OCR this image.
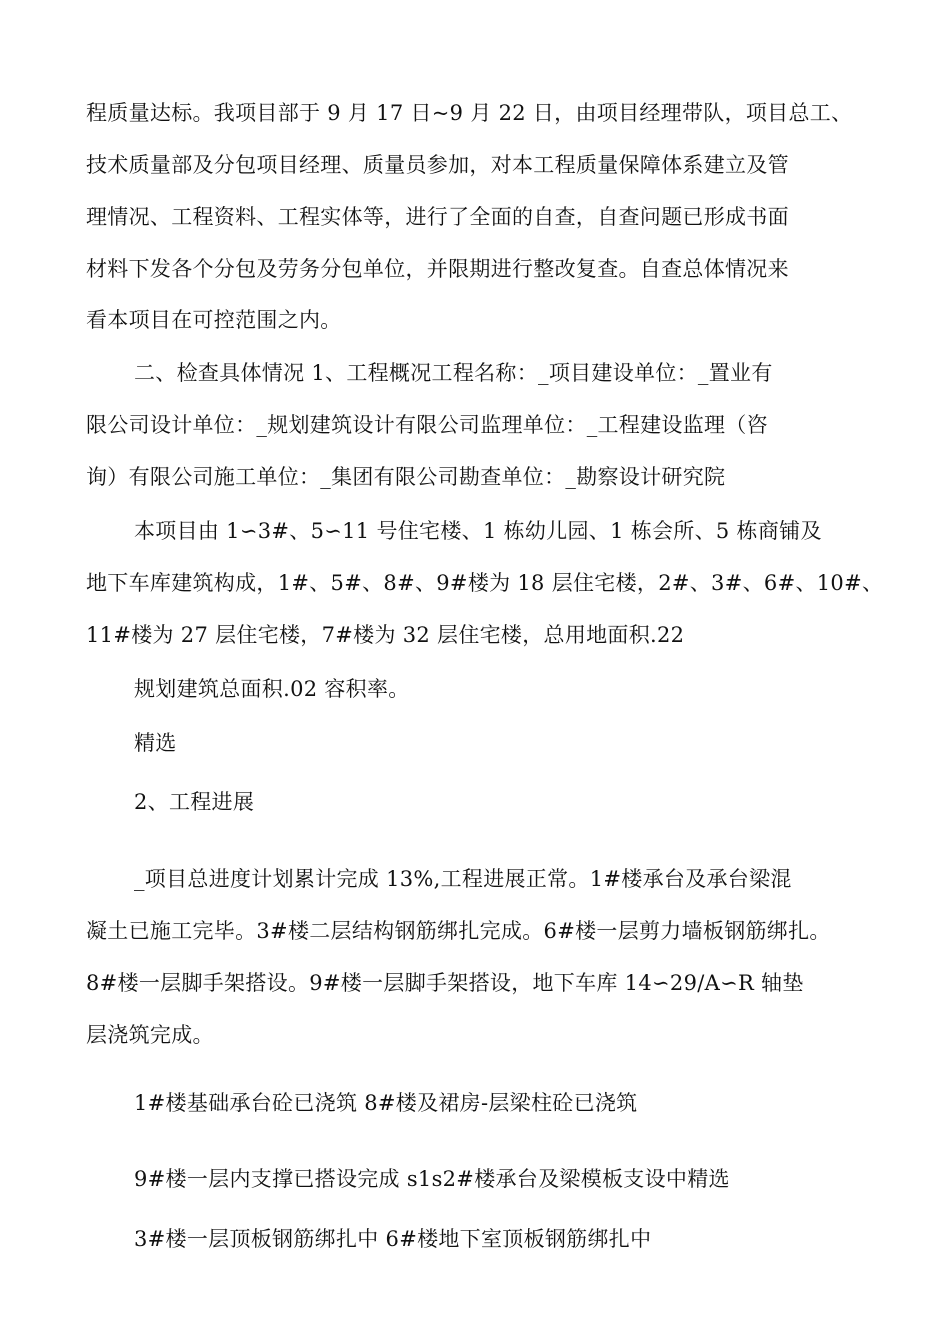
程质量达标。我项目部于 9 月 17 日~9 月 22 日，由项目经理带队，项目总工、
技术质量部及分包项目经理、质量员参加，对本工程质量保障体系建立及管
理情况、工程资料、工程实体等，进行了全面的自查，自查问题已形成书面
材料下发各个分包及劳务分包单位，并限期进行整改复查。自查总体情况来
看本项目在可控范围之内。
二、检查具体情况 1、工程概况工程名称：_项目建设单位：_置业有
限公司设计单位：_规划建筑设计有限公司监理单位：_工程建设监理（咨
询）有限公司施工单位：_集团有限公司勘查单位：_勘察设计研究院
本项目由 1∽3#、5∽11 号住宅楼、1 栋幼儿园、1 栋会所、5 栋商铺及
地下车库建筑构成，1#、5#、8#、9#楼为 18 层住宅楼，2#、3#、6#、10#、
11#楼为 27 层住宅楼，7#楼为 32 层住宅楼，总用地面积.22
规划建筑总面积.02 容积率。
精选
2、工程进展
_项目总进度计划累计完成 13%,工程进展正常。1#楼承台及承台梁混
凝土已施工完毕。3#楼二层结构钢筋绑扎完成。6#楼一层剪力墙板钢筋绑扎。
8#楼一层脚手架搭设。9#楼一层脚手架搭设，地下车库 14∽29/A∽R 轴垫
层浇筑完成。
1#楼基础承台砼已浇筑 8#楼及裙房-层梁柱砼已浇筑
9#楼一层内支撑已搭设完成 s1s2#楼承台及梁模板支设中精选
3#楼一层顶板钢筋绑扎中 6#楼地下室顶板钢筋绑扎中
